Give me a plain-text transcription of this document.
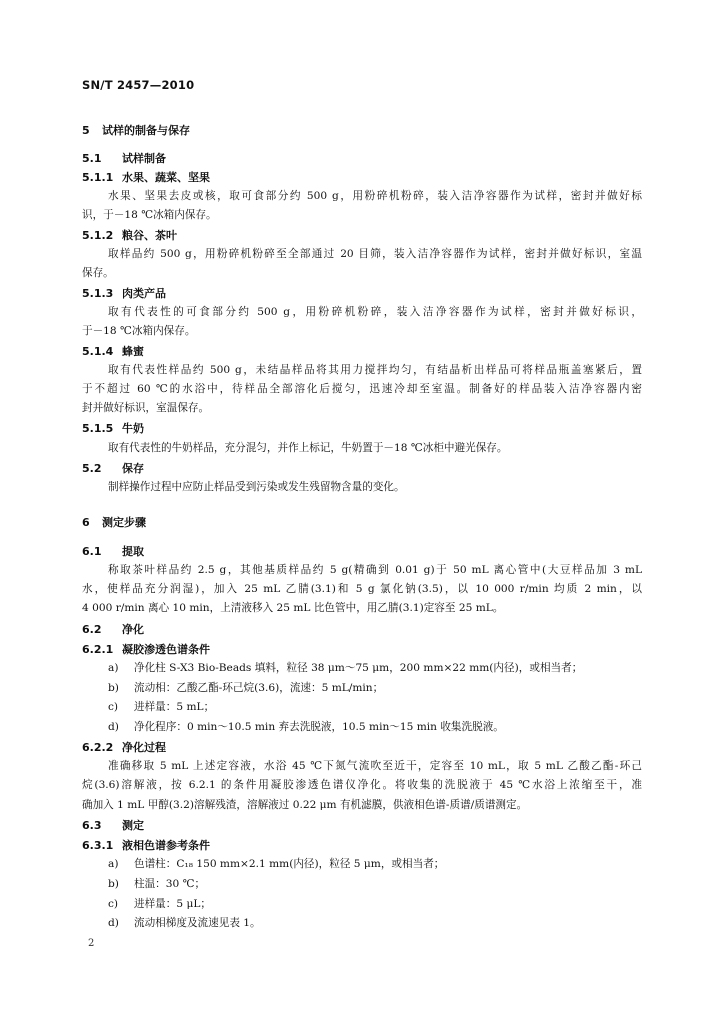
SN/T 2457—2010
5 试样的制备与保存
5.1 试样制备
5.1.1 水果、蔬菜、坚果
水果、坚果去皮或核，取可食部分约 500 g，用粉碎机粉碎，装入洁净容器作为试样，密封并做好标
识，于－18 ℃冰箱内保存。
5.1.2 粮谷、茶叶
取样品约 500 g，用粉碎机粉碎至全部通过 20 目筛，装入洁净容器作为试样，密封并做好标识，室温
保存。
5.1.3 肉类产品
取有代表性的可食部分约 500 g，用粉碎机粉碎，装入洁净容器作为试样，密封并做好标识，
于－18 ℃冰箱内保存。
5.1.4 蜂蜜
取有代表性样品约 500 g，未结晶样品将其用力搅拌均匀，有结晶析出样品可将样品瓶盖塞紧后，置
于不超过 60 ℃的水浴中，待样品全部溶化后搅匀，迅速冷却至室温。制备好的样品装入洁净容器内密
封并做好标识，室温保存。
5.1.5 牛奶
取有代表性的牛奶样品，充分混匀，并作上标记，牛奶置于－18 ℃冰柜中避光保存。
5.2 保存
制样操作过程中应防止样品受到污染或发生残留物含量的变化。
6 测定步骤
6.1 提取
称取茶叶样品约 2.5 g，其他基质样品约 5 g(精确到 0.01 g)于 50 mL 离心管中(大豆样品加 3 mL
水，使样品充分润湿)，加入 25 mL 乙腈(3.1)和 5 g 氯化钠(3.5)，以 10 000 r/min 均质 2 min，以
4 000 r/min 离心 10 min，上清液移入 25 mL 比色管中，用乙腈(3.1)定容至 25 mL。
6.2 净化
6.2.1 凝胶渗透色谱条件
a) 净化柱 S-X3 Bio-Beads 填料，粒径 38 μm～75 μm，200 mm×22 mm(内径)，或相当者；
b) 流动相：乙酸乙酯-环己烷(3.6)，流速：5 mL/min；
c) 进样量：5 mL；
d) 净化程序：0 min～10.5 min 弃去洗脱液，10.5 min～15 min 收集洗脱液。
6.2.2 净化过程
准确移取 5 mL 上述定容液，水浴 45 ℃下氮气流吹至近干，定容至 10 mL，取 5 mL 乙酸乙酯-环己
烷(3.6)溶解液，按 6.2.1 的条件用凝胶渗透色谱仪净化。将收集的洗脱液于 45 ℃水浴上浓缩至干，准
确加入 1 mL 甲醇(3.2)溶解残渣，溶解液过 0.22 μm 有机滤膜，供液相色谱-质谱/质谱测定。
6.3 测定
6.3.1 液相色谱参考条件
a) 色谱柱：C₁₈ 150 mm×2.1 mm(内径)，粒径 5 μm，或相当者；
b) 柱温：30 ℃；
c) 进样量：5 μL；
d) 流动相梯度及流速见表 1。
2
